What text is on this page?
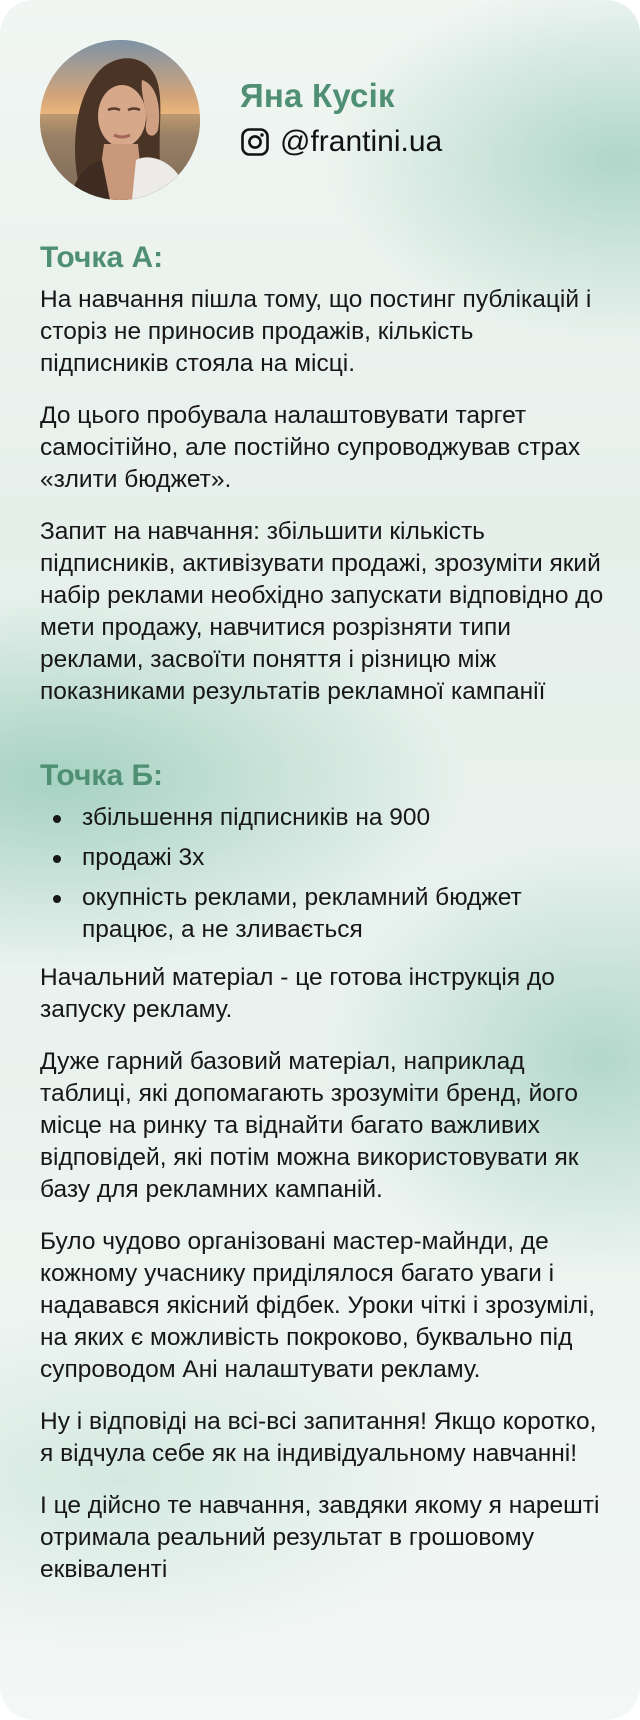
Яна Кусік
@frantini.ua
Точка А:

На навчання пішла тому, що постинг публікацій і сторіз не приносив продажів, кількість підписників стояла на місці.

До цього пробувала налаштовувати таргет самосітійно, але постійно супроводжував страх «злити бюджет».

Запит на навчання: збільшити кількість підписників, активізувати продажі, зрозуміти який набір реклами необхідно запускати відповідно до мети продажу, навчитися розрізняти типи реклами, засвоїти поняття і різницю між показниками результатів рекламної кампанії

Точка Б:
збільшення підписників на 900
продажі 3х
окупність реклами, рекламний бюджет працює, а не зливається

Начальний матеріал - це готова інструкція до запуску рекламу.

Дуже гарний базовий матеріал, наприклад таблиці, які допомагають зрозуміти бренд, його місце на ринку та віднайти багато важливих відповідей, які потім можна використовувати як базу для рекламних кампаній.

Було чудово організовані мастер-майнди, де кожному учаснику приділялося багато уваги і надавався якісний фідбек. Уроки чіткі і зрозумілі, на яких є можливість покроково, буквально під супроводом Ані налаштувати рекламу.

Ну і відповіді на всі-всі запитання! Якщо коротко, я відчула себе як на індивідуальному навчанні!

І це дійсно те навчання, завдяки якому я нарешті отримала реальний результат в грошовому еквіваленті
